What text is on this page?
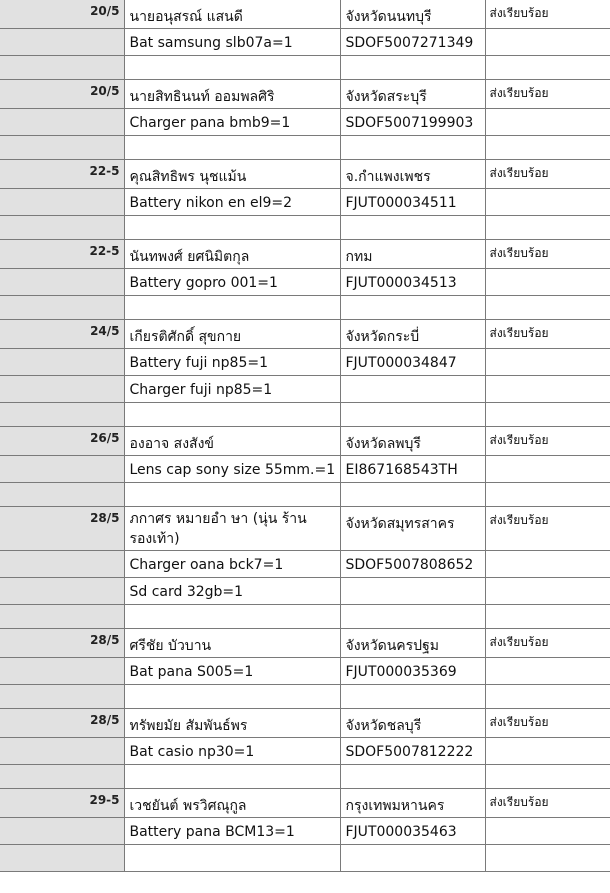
20/5	นายอนุสรณ์ แสนดี	จังหวัดนนทบุรี	ส่งเรียบร้อย

	Bat samsung slb07a=1	SDOF5007271349	

20/5	นายสิทธินนท์ ออมพลศิริ	จังหวัดสระบุรี	ส่งเรียบร้อย

	Charger pana bmb9=1	SDOF5007199903	

22-5	คุณสิทธิพร นุชแม้น	จ.กำแพงเพชร	ส่งเรียบร้อย

	Battery nikon en el9=2	FJUT000034511	

22-5	นันทพงศ์ ยศนิมิตกุล	กทม	ส่งเรียบร้อย

	Battery gopro 001=1	FJUT000034513	

24/5	เกียรติศักดิ์ สุขกาย	จังหวัดกระบี่	ส่งเรียบร้อย

	Battery fuji np85=1	FJUT000034847	

	Charger fuji np85=1		

26/5	องอาจ สงสังข์	จังหวัดลพบุรี	ส่งเรียบร้อย

	Lens cap sony size 55mm.=1	EI867168543TH	

28/5	ภกาศร หมายอำ ษา (นุ่น ร้าน รองเท้า)	จังหวัดสมุทรสาคร	ส่งเรียบร้อย

	Charger oana bck7=1	SDOF5007808652	

	Sd card 32gb=1		

28/5	ศรีชัย บัวบาน	จังหวัดนครปฐม	ส่งเรียบร้อย

	Bat pana S005=1	FJUT000035369	

28/5	ทรัพยมัย สัมพันธ์พร	จังหวัดชลบุรี	ส่งเรียบร้อย

	Bat casio np30=1	SDOF5007812222	

29-5	เวชยันต์ พรวิศณุกูล	กรุงเทพมหานคร	ส่งเรียบร้อย

	Battery pana BCM13=1	FJUT000035463	
